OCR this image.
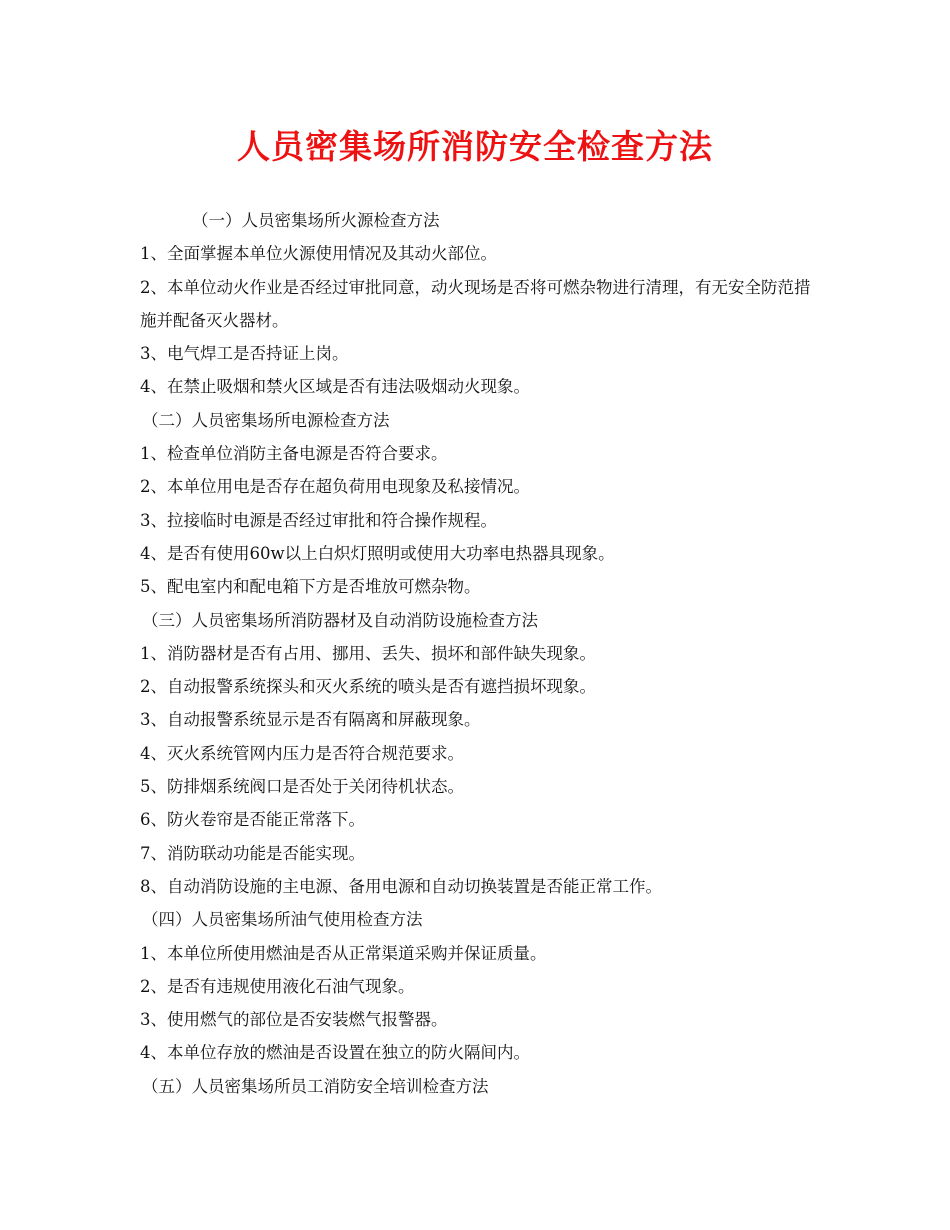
人员密集场所消防安全检查方法
（一）人员密集场所火源检查方法
1、全面掌握本单位火源使用情况及其动火部位。
2、本单位动火作业是否经过审批同意，动火现场是否将可燃杂物进行清理，有无安全防范措施并配备灭火器材。
3、电气焊工是否持证上岗。
4、在禁止吸烟和禁火区域是否有违法吸烟动火现象。
（二）人员密集场所电源检查方法
1、检查单位消防主备电源是否符合要求。
2、本单位用电是否存在超负荷用电现象及私接情况。
3、拉接临时电源是否经过审批和符合操作规程。
4、是否有使用60w以上白炽灯照明或使用大功率电热器具现象。
5、配电室内和配电箱下方是否堆放可燃杂物。
（三）人员密集场所消防器材及自动消防设施检查方法
1、消防器材是否有占用、挪用、丢失、损坏和部件缺失现象。
2、自动报警系统探头和灭火系统的喷头是否有遮挡损坏现象。
3、自动报警系统显示是否有隔离和屏蔽现象。
4、灭火系统管网内压力是否符合规范要求。
5、防排烟系统阀口是否处于关闭待机状态。
6、防火卷帘是否能正常落下。
7、消防联动功能是否能实现。
8、自动消防设施的主电源、备用电源和自动切换装置是否能正常工作。
（四）人员密集场所油气使用检查方法
1、本单位所使用燃油是否从正常渠道采购并保证质量。
2、是否有违规使用液化石油气现象。
3、使用燃气的部位是否安装燃气报警器。
4、本单位存放的燃油是否设置在独立的防火隔间内。
（五）人员密集场所员工消防安全培训检查方法
